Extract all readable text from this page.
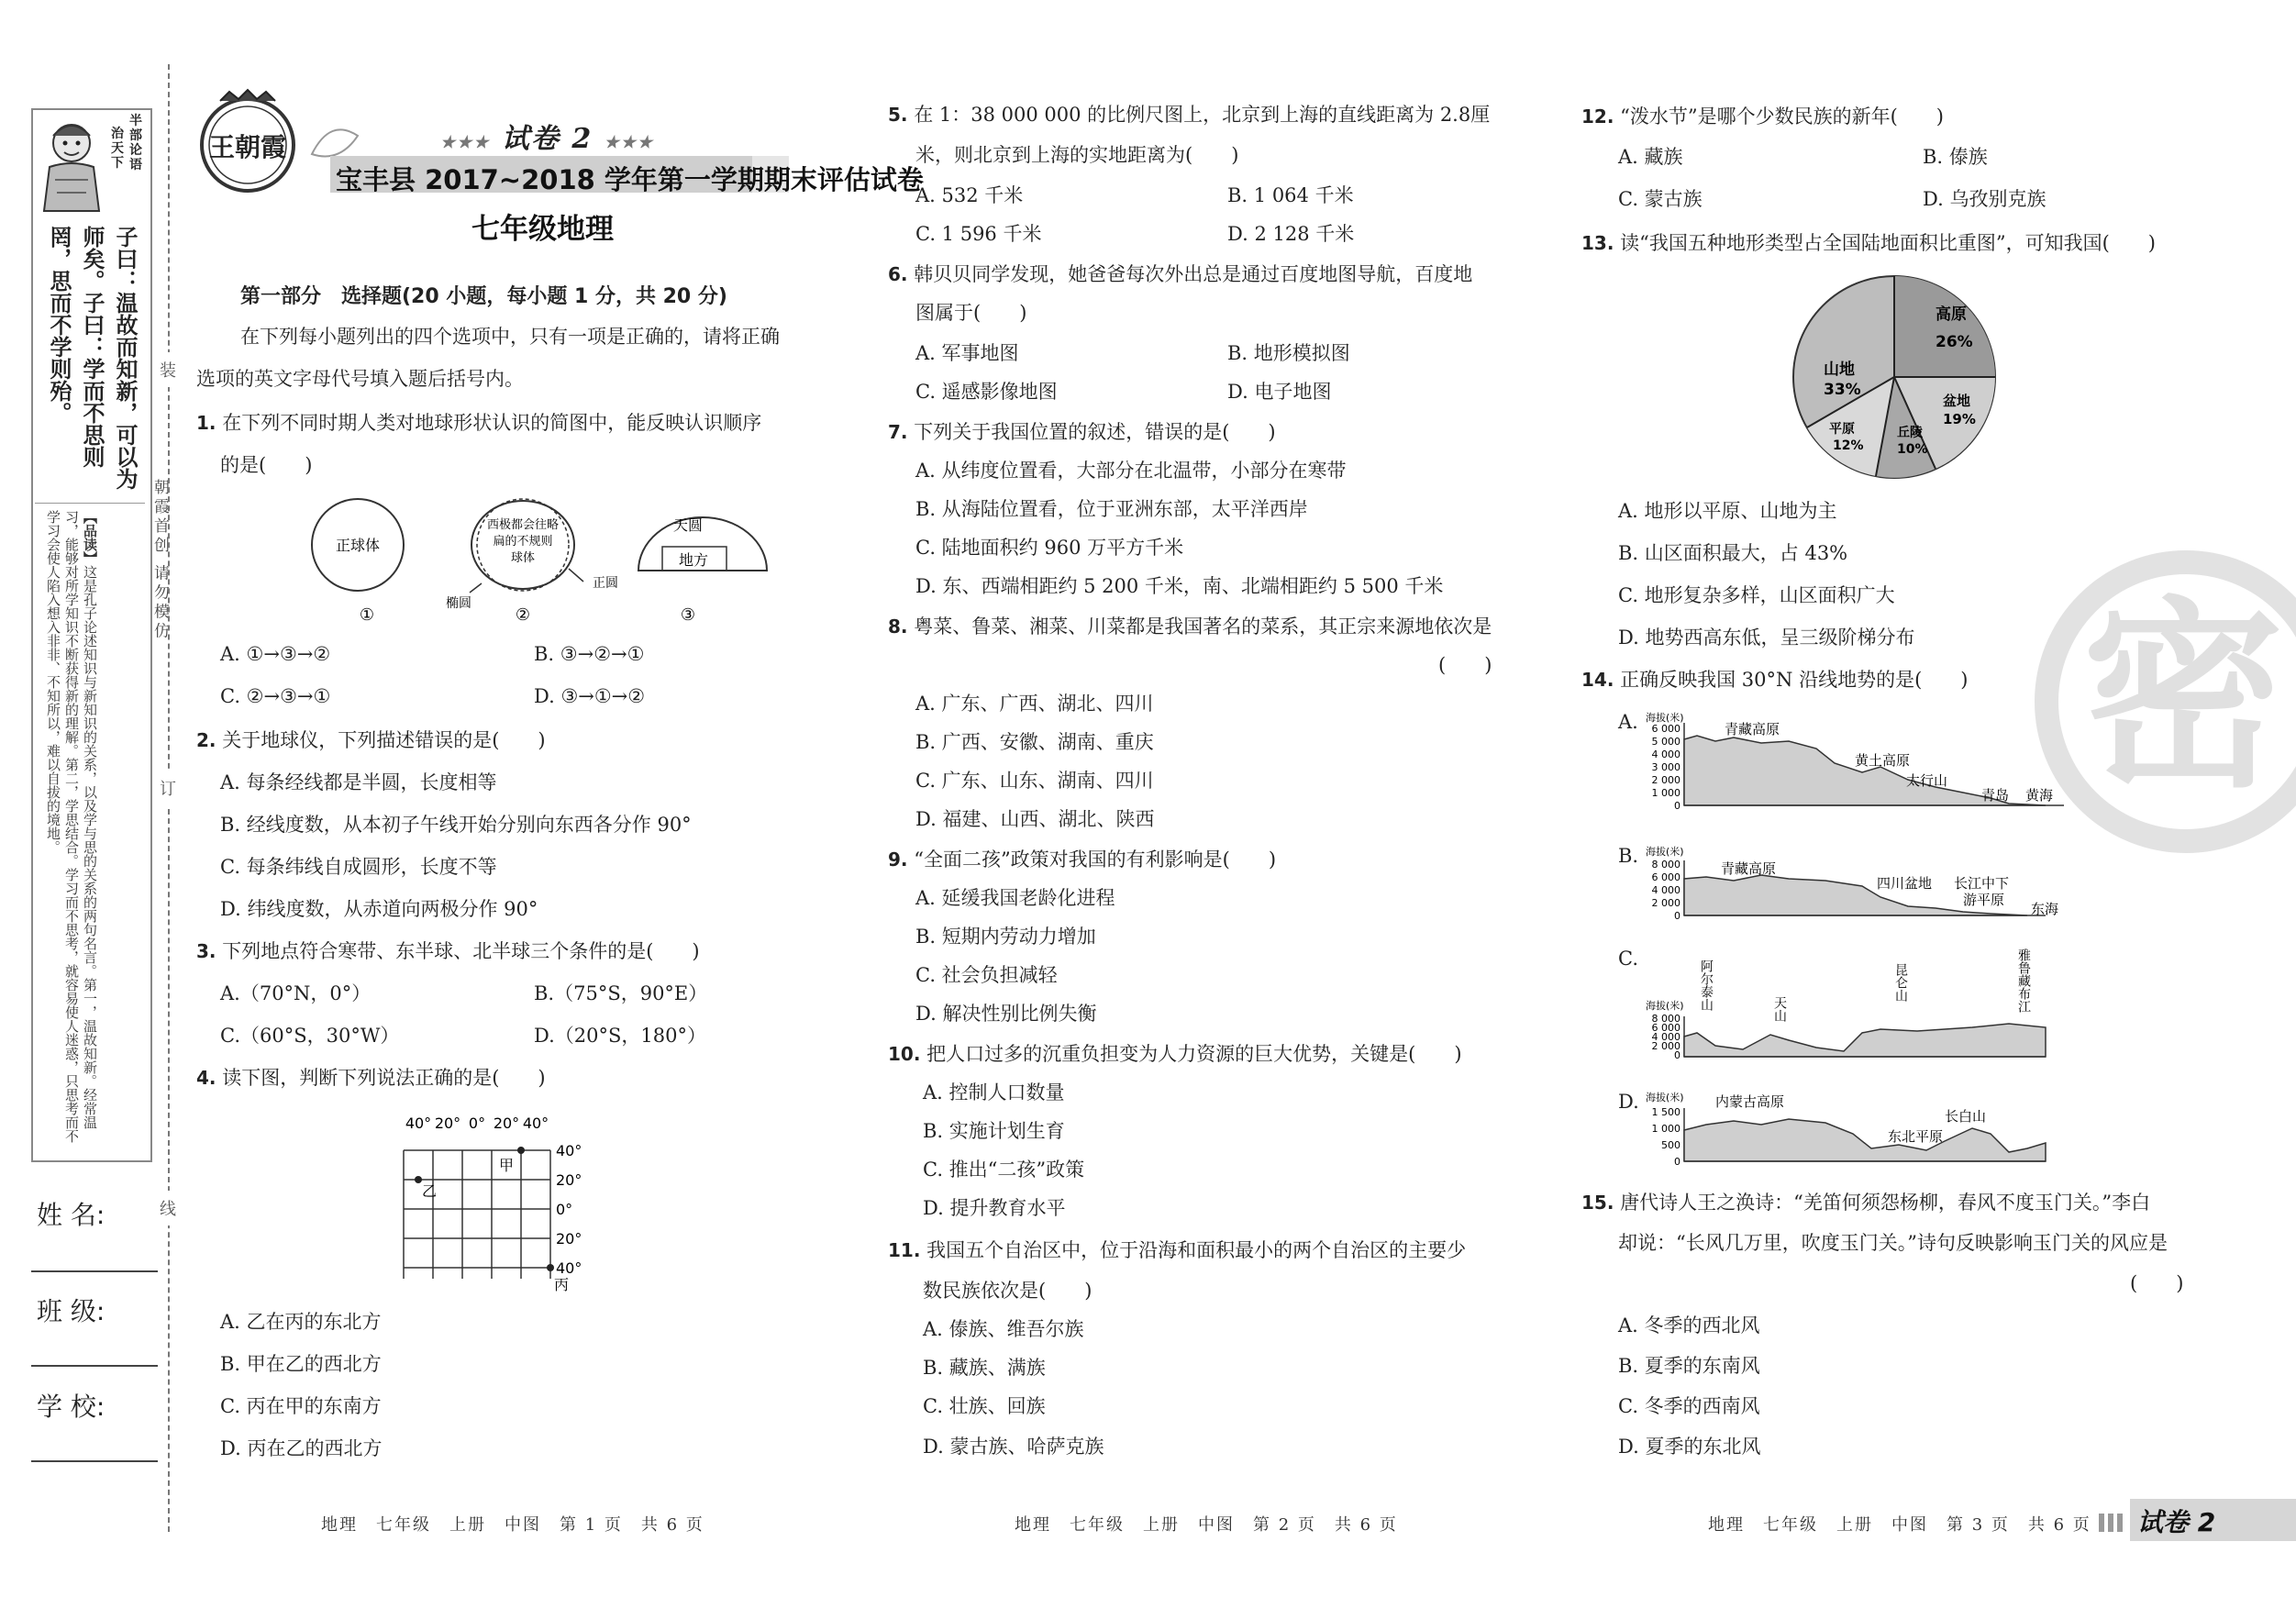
半
部
论
语
治
天
下
子曰：温故而知新，可以为师矣。子曰：学而不思则罔，思而不学则殆。
【品读】这是孔子论述知识与新知识的关系，以及学与思的关系的两句名言。第一，温故知新。经常温习，能够对所学知识不断获得新的理解。第二，学思结合。学习而不思考，就容易使人迷惑，只思考而不学习会使人陷入想入非非、不知所以，难以自拔的境地。	朝霞首创 请勿模仿
装
订
线
姓 名:
班 级:
学 校:
王朝霞	★★★ 试卷 2 ★★★
宝丰县 2017~2018 学年第一学期期末评估试卷
七年级地理
第一部分　选择题(20 小题，每小题 1 分，共 20 分)
在下列每小题列出的四个选项中，只有一项是正确的，请将正确
选项的英文字母代号填入题后括号内。
1. 在下列不同时期人类对地球形状认识的简图中，能反映认识顺序
的是(　　)
正球体
西极都会往略
扁的不规则
球体
椭圆
正圆
天圆
地方
①	②	③
A. ①→③→②	B. ③→②→①
C. ②→③→①	D. ③→①→②
2. 关于地球仪，下列描述错误的是(　　)
A. 每条经线都是半圆，长度相等
B. 经线度数，从本初子午线开始分别向东西各分作 90°
C. 每条纬线自成圆形，长度不等
D. 纬线度数，从赤道向两极分作 90°
3. 下列地点符合寒带、东半球、北半球三个条件的是(　　)
A.（70°N，0°）	B.（75°S，90°E）
C.（60°S，30°W）	D.（20°S，180°）
4. 读下图，判断下列说法正确的是(　　)
40° 20° 0° 20° 40°
40°
20°
0°
20°
40°
甲
乙
丙
A. 乙在丙的东北方
B. 甲在乙的西北方
C. 丙在甲的东南方
D. 丙在乙的西北方
地理　七年级　上册　中图　第 1 页　共 6 页
5. 在 1：38 000 000 的比例尺图上，北京到上海的直线距离为 2.8厘
米，则北京到上海的实地距离为(　　)
A. 532 千米	B. 1 064 千米
C. 1 596 千米	D. 2 128 千米
6. 韩贝贝同学发现，她爸爸每次外出总是通过百度地图导航，百度地
图属于(　　)
A. 军事地图	B. 地形模拟图
C. 遥感影像地图	D. 电子地图
7. 下列关于我国位置的叙述，错误的是(　　)
A. 从纬度位置看，大部分在北温带，小部分在寒带
B. 从海陆位置看，位于亚洲东部，太平洋西岸
C. 陆地面积约 960 万平方千米
D. 东、西端相距约 5 200 千米，南、北端相距约 5 500 千米
8. 粤菜、鲁菜、湘菜、川菜都是我国著名的菜系，其正宗来源地依次是
(　　)
A. 广东、广西、湖北、四川
B. 广西、安徽、湖南、重庆
C. 广东、山东、湖南、四川
D. 福建、山西、湖北、陕西
9. “全面二孩”政策对我国的有利影响是(　　)
A. 延缓我国老龄化进程
B. 短期内劳动力增加
C. 社会负担减轻
D. 解决性别比例失衡
10. 把人口过多的沉重负担变为人力资源的巨大优势，关键是(　　)
A. 控制人口数量
B. 实施计划生育
C. 推出“二孩”政策
D. 提升教育水平
11. 我国五个自治区中，位于沿海和面积最小的两个自治区的主要少
数民族依次是(　　)
A. 傣族、维吾尔族
B. 藏族、满族
C. 壮族、回族
D. 蒙古族、哈萨克族
地理　七年级　上册　中图　第 2 页　共 6 页
密
12. “泼水节”是哪个少数民族的新年(　　)
A. 藏族	B. 傣族
C. 蒙古族	D. 乌孜别克族
13. 读“我国五种地形类型占全国陆地面积比重图”，可知我国(　　)
山地
33%
高原
26%
盆地
19%
丘陵
10%
平原
12%
A. 地形以平原、山地为主
B. 山区面积最大，占 43%
C. 地形复杂多样，山区面积广大
D. 地势西高东低，呈三级阶梯分布
14. 正确反映我国 30°N 沿线地势的是(　　)
A. 海拔(米)
6 000
5 000
4 000
3 000
2 000
1 000
0
青藏高原
黄土高原
太行山
青岛 黄海
B. 海拔(米)
8 000
6 000
4 000
2 000
0
青藏高原
四川盆地 长江中下
游平原
东海
C.
海拔(米)
8 000
6 000
4 000
2 000
0
阿尔泰山	天山
昆仑山	雅鲁藏布江
D. 海拔(米)
1 500
1 000
500
0
内蒙古高原
东北平原
长白山
15. 唐代诗人王之涣诗：“羌笛何须怨杨柳，春风不度玉门关。”李白
却说：“长风几万里，吹度玉门关。”诗句反映影响玉门关的风应是
(　　)
A. 冬季的西北风
B. 夏季的东南风
C. 冬季的西南风
D. 夏季的东北风
地理　七年级　上册　中图　第 3 页　共 6 页 试卷 2
